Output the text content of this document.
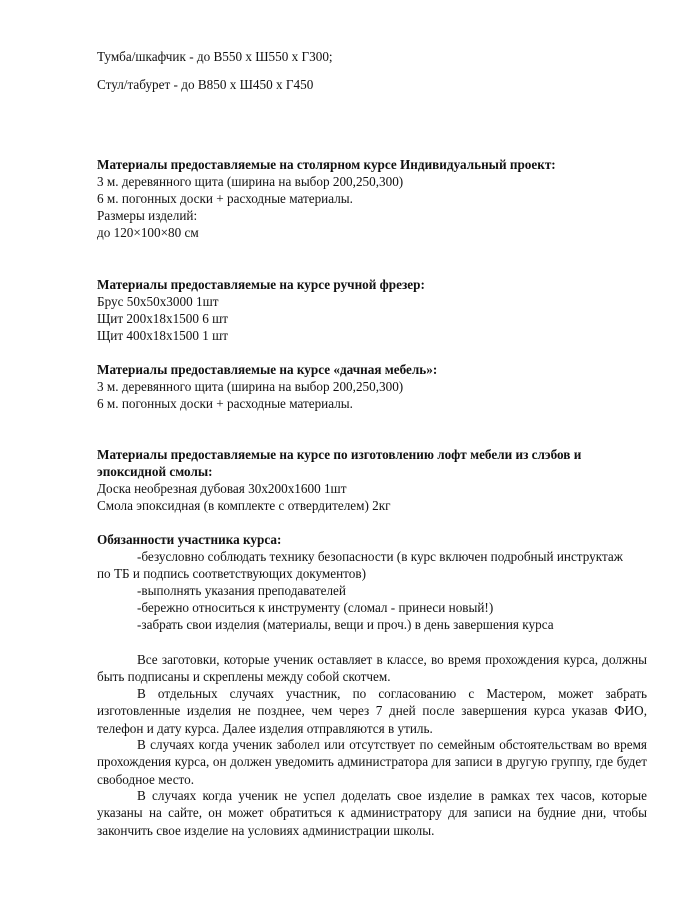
Тумба/шкафчик - до В550 х Ш550 х Г300;
Стул/табурет - до В850 х Ш450 х Г450
Материалы предоставляемые на столярном курсе Индивидуальный проект:
3 м. деревянного щита (ширина на выбор 200,250,300)
6 м. погонных доски + расходные материалы.
Размеры изделий:
до 120×100×80 см
Материалы предоставляемые на курсе ручной фрезер:
Брус 50х50х3000 1шт
Щит 200х18х1500 6 шт
Щит 400х18х1500 1 шт
Материалы предоставляемые на курсе «дачная мебель»:
3 м. деревянного щита (ширина на выбор 200,250,300)
6 м. погонных доски + расходные материалы.
Материалы предоставляемые на курсе по изготовлению лофт мебели из слэбов и
эпоксидной смолы:
Доска необрезная дубовая 30х200х1600 1шт
Смола эпоксидная (в комплекте с отвердителем) 2кг
Обязанности участника курса:
-безусловно соблюдать технику безопасности (в курс включен подробный инструктаж
по ТБ и подпись соответствующих документов)
-выполнять указания преподавателей
-бережно относиться к инструменту (сломал - принеси новый!)
-забрать свои изделия (материалы, вещи и проч.) в день завершения курса
Все заготовки, которые ученик оставляет в классе, во время прохождения курса, должны быть подписаны и скреплены между собой скотчем.
В отдельных случаях участник, по согласованию с Мастером, может забрать изготовленные изделия не позднее, чем через 7 дней после завершения курса указав ФИО, телефон и дату курса. Далее изделия отправляются в утиль.
В случаях когда ученик заболел или отсутствует по семейным обстоятельствам во время прохождения курса, он должен уведомить администратора для записи в другую группу, где будет свободное место.
В случаях когда ученик не успел доделать свое изделие в рамках тех часов, которые указаны на сайте, он может обратиться к администратору для записи на будние дни, чтобы закончить свое изделие на условиях администрации школы.
